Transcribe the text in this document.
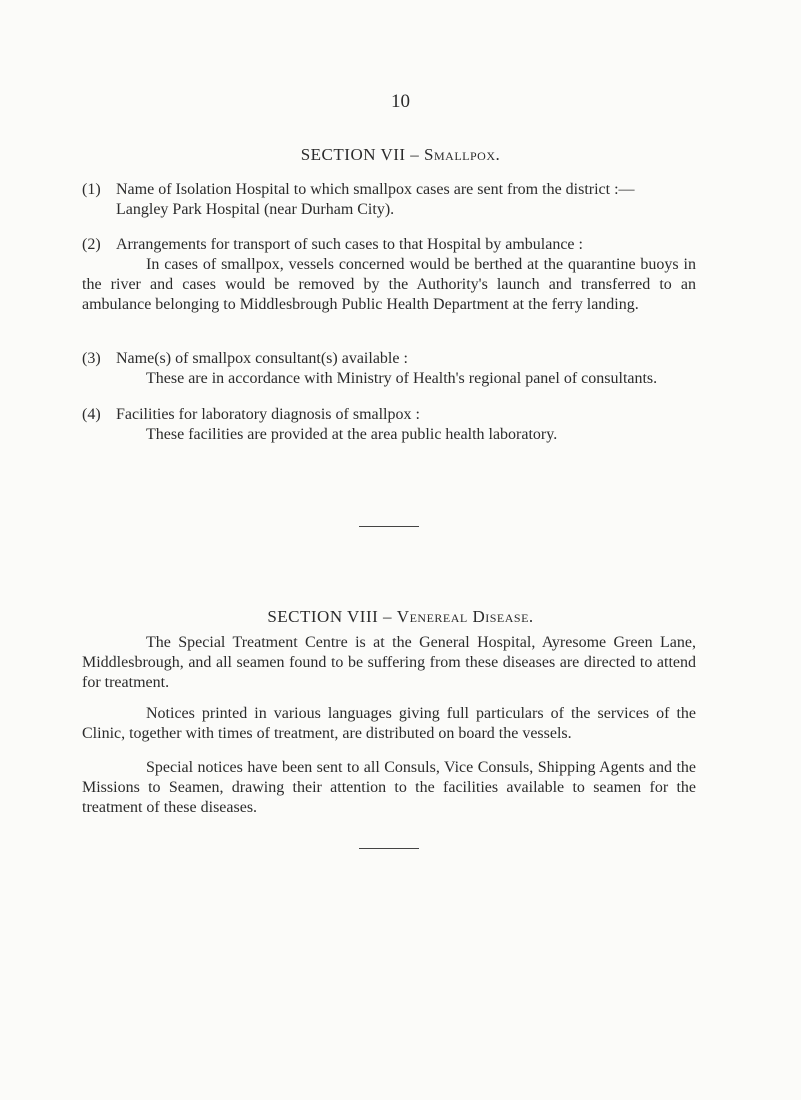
10
SECTION VII – Smallpox.
(1) Name of Isolation Hospital to which smallpox cases are sent from the district :—
Langley Park Hospital (near Durham City).
(2) Arrangements for transport of such cases to that Hospital by ambulance :
In cases of smallpox, vessels concerned would be berthed at the quarantine buoys in the river and cases would be removed by the Authority's launch and transferred to an ambulance belonging to Middlesbrough Public Health Department at the ferry landing.
(3) Name(s) of smallpox consultant(s) available :
These are in accordance with Ministry of Health's regional panel of consultants.
(4) Facilities for laboratory diagnosis of smallpox :
These facilities are provided at the area public health laboratory.
SECTION VIII – Venereal Disease.
The Special Treatment Centre is at the General Hospital, Ayresome Green Lane, Middlesbrough, and all seamen found to be suffering from these diseases are directed to attend for treatment.
Notices printed in various languages giving full particulars of the services of the Clinic, together with times of treatment, are distributed on board the vessels.
Special notices have been sent to all Consuls, Vice Consuls, Shipping Agents and the Missions to Seamen, drawing their attention to the facilities available to seamen for the treatment of these diseases.
